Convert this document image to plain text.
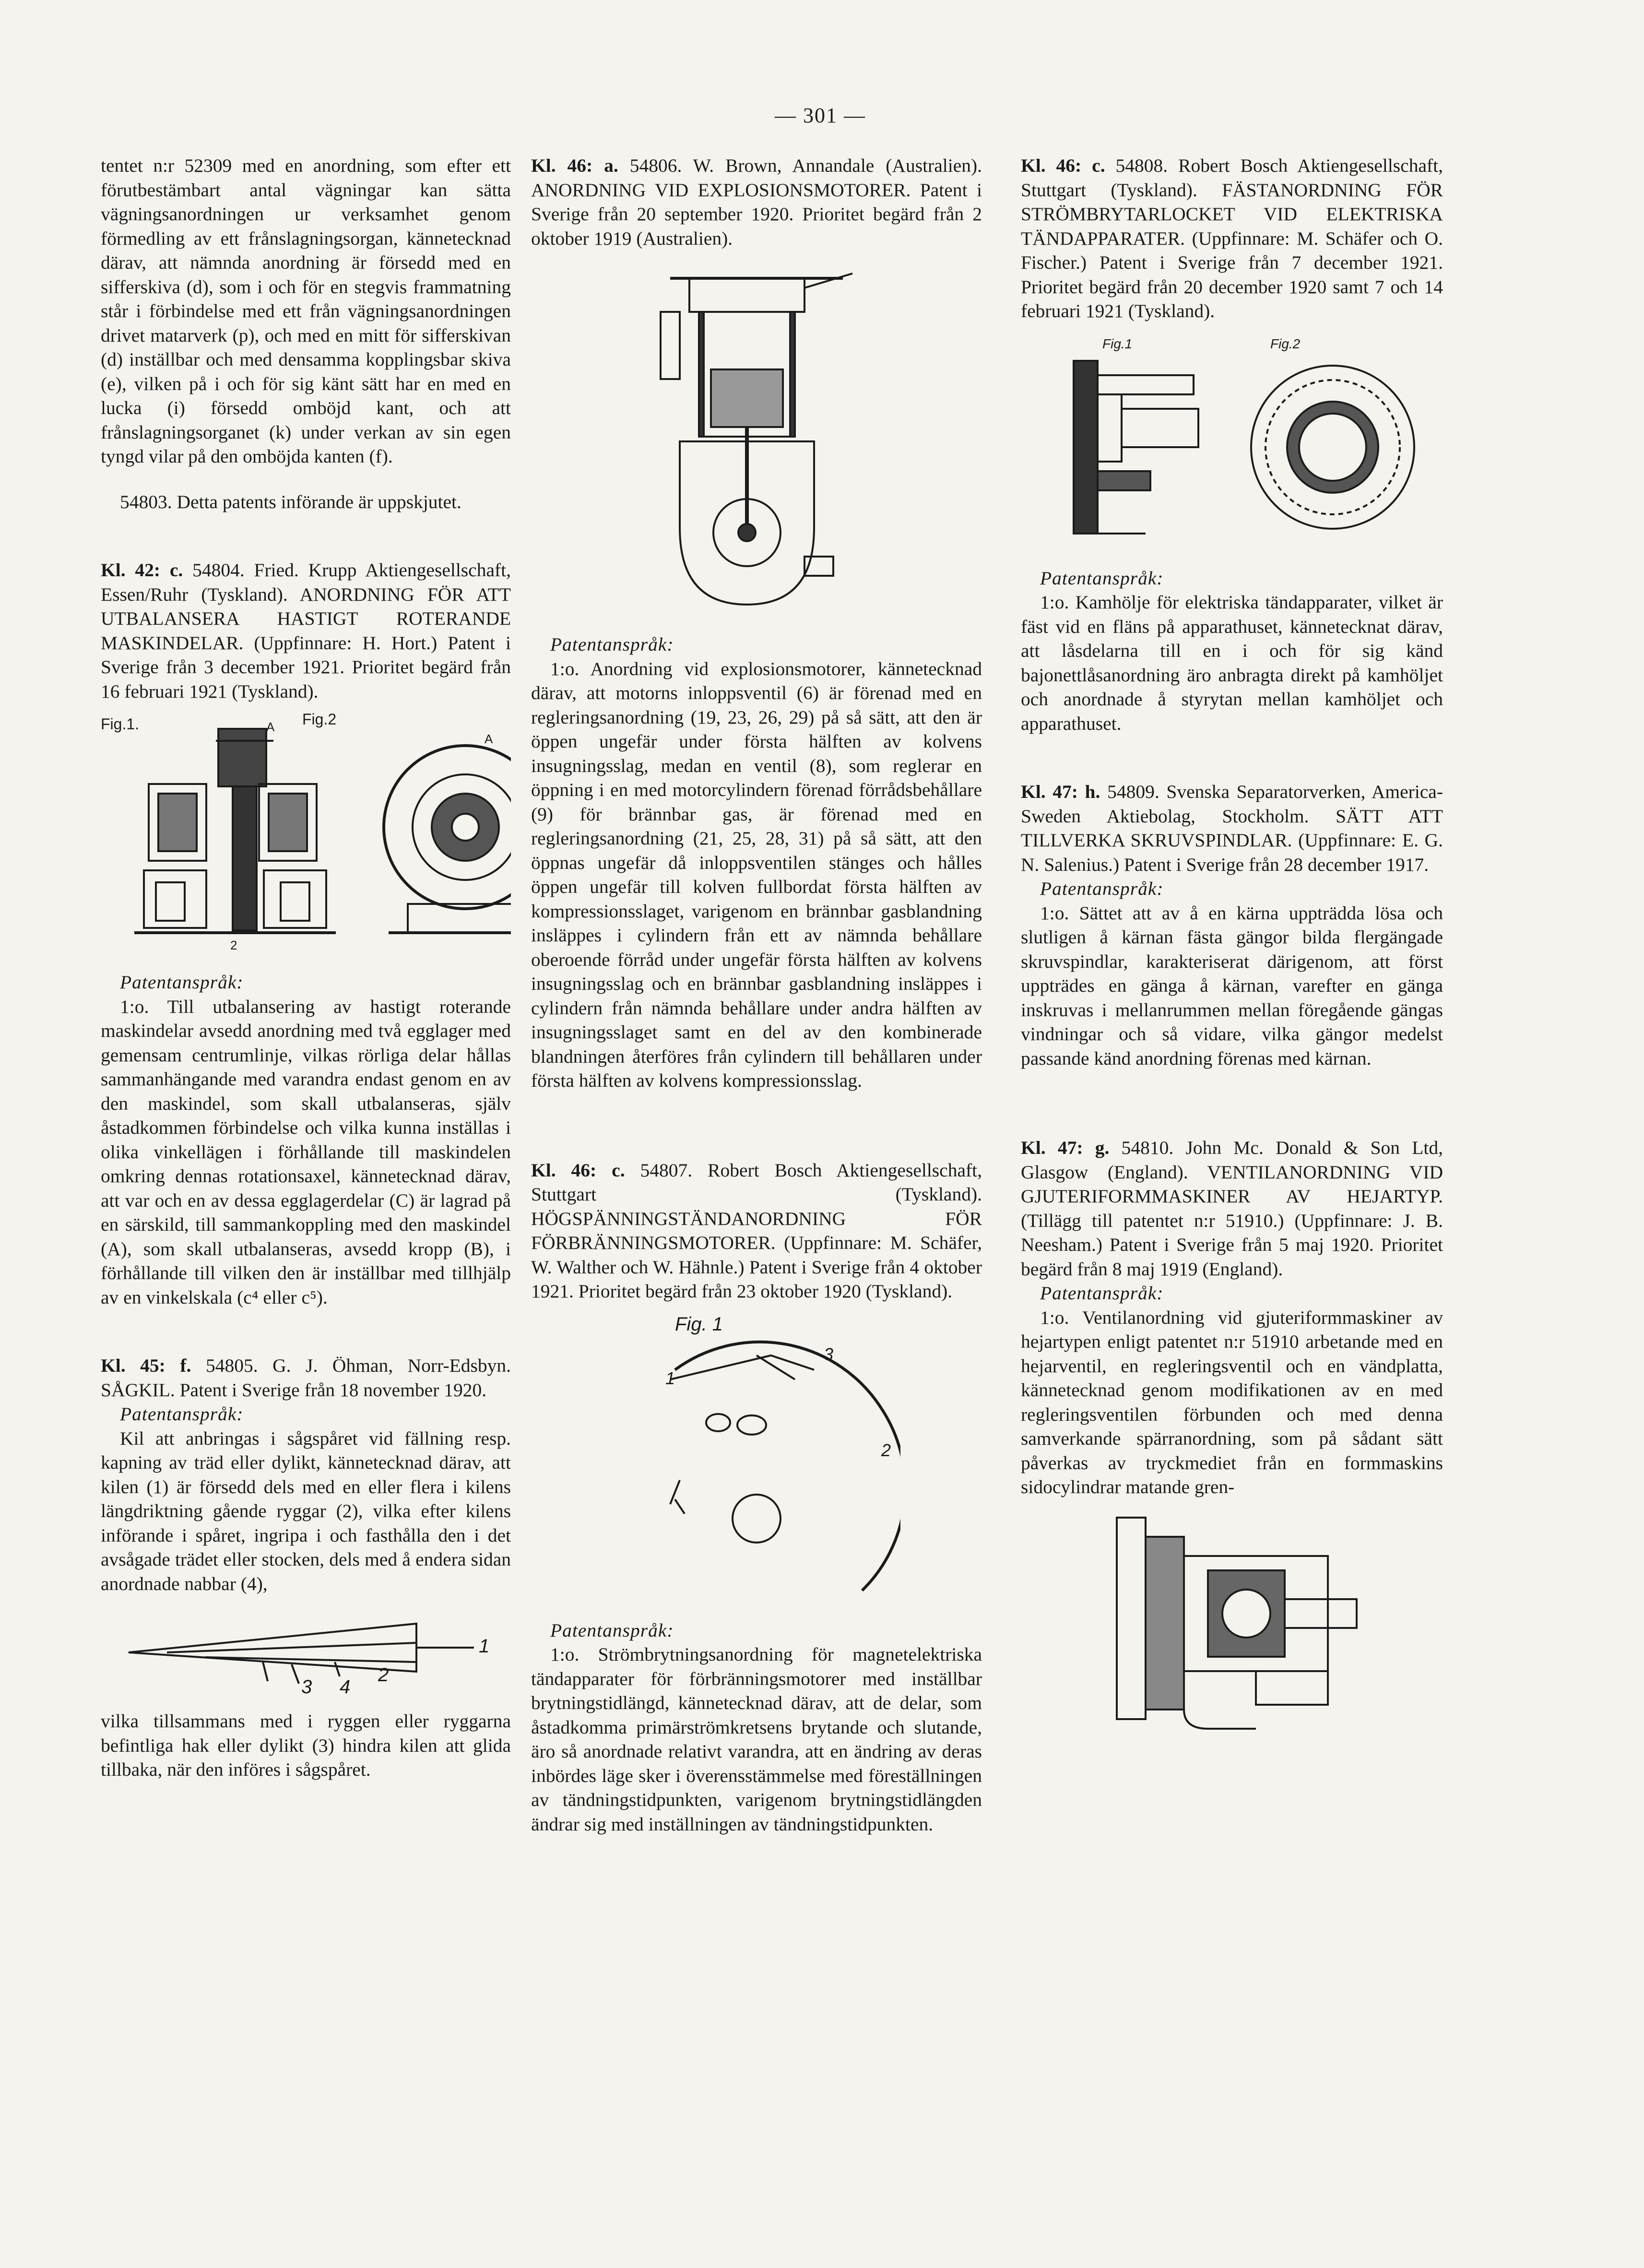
— 301 —

tentet n:r 52309 med en anordning, som efter ett förutbestämbart antal vägningar kan sätta vägningsanordningen ur verksamhet genom förmedling av ett frånslagningsorgan, kännetecknad därav, att nämnda anordning är försedd med en sifferskiva (d), som i och för en stegvis frammatning står i förbindelse med ett från vägningsanordningen drivet matarverk (p), och med en mitt för sifferskivan (d) inställbar och med densamma kopplingsbar skiva (e), vilken på i och för sig känt sätt har en med en lucka (i) försedd omböjd kant, och att frånslagningsorganet (k) under verkan av sin egen tyngd vilar på den omböjda kanten (f).

54803. Detta patents införande är uppskjutet.

Kl. 42: c. 54804. Fried. Krupp Aktiengesellschaft, Essen/Ruhr (Tyskland). ANORDNING FÖR ATT UTBALANSERA HASTIGT ROTERANDE MASKINDELAR. (Uppfinnare: H. Hort.) Patent i Sverige från 3 december 1921. Prioritet begärd från 16 februari 1921 (Tyskland).

Fig.1.	Fig.2
A
A
2

Patentanspråk:

1:o. Till utbalansering av hastigt roterande maskindelar avsedd anordning med två egglager med gemensam centrumlinje, vilkas rörliga delar hållas sammanhängande med varandra endast genom en av den maskindel, som skall utbalanseras, själv åstadkommen förbindelse och vilka kunna inställas i olika vinkellägen i förhållande till maskindelen omkring dennas rotationsaxel, kännetecknad därav, att var och en av dessa egglagerdelar (C) är lagrad på en särskild, till sammankoppling med den maskindel (A), som skall utbalanseras, avsedd kropp (B), i förhållande till vilken den är inställbar med tillhjälp av en vinkelskala (c⁴ eller c⁵).

Kl. 45: f. 54805. G. J. Öhman, Norr-Edsbyn. SÅGKIL. Patent i Sverige från 18 november 1920.

Patentanspråk:

Kil att anbringas i sågspåret vid fällning resp. kapning av träd eller dylikt, kännetecknad därav, att kilen (1) är försedd dels med en eller flera i kilens längdriktning gående ryggar (2), vilka efter kilens införande i spåret, ingripa i och fasthålla den i det avsågade trädet eller stocken, dels med å endera sidan anordnade nabbar (4),

1
2
3 4

vilka tillsammans med i ryggen eller ryggarna befintliga hak eller dylikt (3) hindra kilen att glida tillbaka, när den införes i sågspåret.

Kl. 46: a. 54806. W. Brown, Annandale (Australien). ANORDNING VID EXPLOSIONSMOTORER. Patent i Sverige från 20 september 1920. Prioritet begärd från 2 oktober 1919 (Australien).

Patentanspråk:

1:o. Anordning vid explosionsmotorer, kännetecknad därav, att motorns inloppsventil (6) är förenad med en regleringsanordning (19, 23, 26, 29) på så sätt, att den är öppen ungefär under första hälften av kolvens insugningsslag, medan en ventil (8), som reglerar en öppning i en med motorcylindern förenad förrådsbehållare (9) för brännbar gas, är förenad med en regleringsanordning (21, 25, 28, 31) på så sätt, att den öppnas ungefär då inloppsventilen stänges och hålles öppen ungefär till kolven fullbordat första hälften av kompressionsslaget, varigenom en brännbar gasblandning insläppes i cylindern från ett av nämnda behållare oberoende förråd under ungefär första hälften av kolvens insugningsslag och en brännbar gasblandning insläppes i cylindern från nämnda behållare under andra hälften av insugningsslaget samt en del av den kombinerade blandningen återföres från cylindern till behållaren under första hälften av kolvens kompressionsslag.

Kl. 46: c. 54807. Robert Bosch Aktiengesellschaft, Stuttgart (Tyskland). HÖGSPÄNNINGSTÄNDANORDNING FÖR FÖRBRÄNNINGSMOTORER. (Uppfinnare: M. Schäfer, W. Walther och W. Hähnle.) Patent i Sverige från 4 oktober 1921. Prioritet begärd från 23 oktober 1920 (Tyskland).

Fig. 1
3
2
1

Patentanspråk:

1:o. Strömbrytningsanordning för magnetelektriska tändapparater för förbränningsmotorer med inställbar brytningstidlängd, kännetecknad därav, att de delar, som åstadkomma primärströmkretsens brytande och slutande, äro så anordnade relativt varandra, att en ändring av deras inbördes läge sker i överensstämmelse med föreställningen av tändningstidpunkten, varigenom brytningstidlängden ändrar sig med inställningen av tändningstidpunkten.

Kl. 46: c. 54808. Robert Bosch Aktiengesellschaft, Stuttgart (Tyskland). FÄSTANORDNING FÖR STRÖMBRYTARLOCKET VID ELEKTRISKA TÄNDAPPARATER. (Uppfinnare: M. Schäfer och O. Fischer.) Patent i Sverige från 7 december 1921. Prioritet begärd från 20 december 1920 samt 7 och 14 februari 1921 (Tyskland).

Fig.1	Fig.2

Patentanspråk:

1:o. Kamhölje för elektriska tändapparater, vilket är fäst vid en fläns på apparathuset, kännetecknat därav, att låsdelarna till en i och för sig känd bajonettlåsanordning äro anbragta direkt på kamhöljet och anordnade å styrytan mellan kamhöljet och apparathuset.

Kl. 47: h. 54809. Svenska Separatorverken, America-Sweden Aktiebolag, Stockholm. SÄTT ATT TILLVERKA SKRUVSPINDLAR. (Uppfinnare: E. G. N. Salenius.) Patent i Sverige från 28 december 1917.

Patentanspråk:

1:o. Sättet att av å en kärna uppträdda lösa och slutligen å kärnan fästa gängor bilda flergängade skruvspindlar, karakteriserat därigenom, att först uppträdes en gänga å kärnan, varefter en gänga inskruvas i mellanrummen mellan föregående gängas vindningar och så vidare, vilka gängor medelst passande känd anordning förenas med kärnan.

Kl. 47: g. 54810. John Mc. Donald & Son Ltd, Glasgow (England). VENTILANORDNING VID GJUTERIFORMMASKINER AV HEJARTYP. (Tillägg till patentet n:r 51910.) (Uppfinnare: J. B. Neesham.) Patent i Sverige från 5 maj 1920. Prioritet begärd från 8 maj 1919 (England).

Patentanspråk:

1:o. Ventilanordning vid gjuteriformmaskiner av hejartypen enligt patentet n:r 51910 arbetande med en hejarventil, en regleringsventil och en vändplatta, kännetecknad genom modifikationen av en med regleringsventilen förbunden och med denna samverkande spärranordning, som på sådant sätt påverkas av tryckmediet från en formmaskins sidocylindrar matande gren-
